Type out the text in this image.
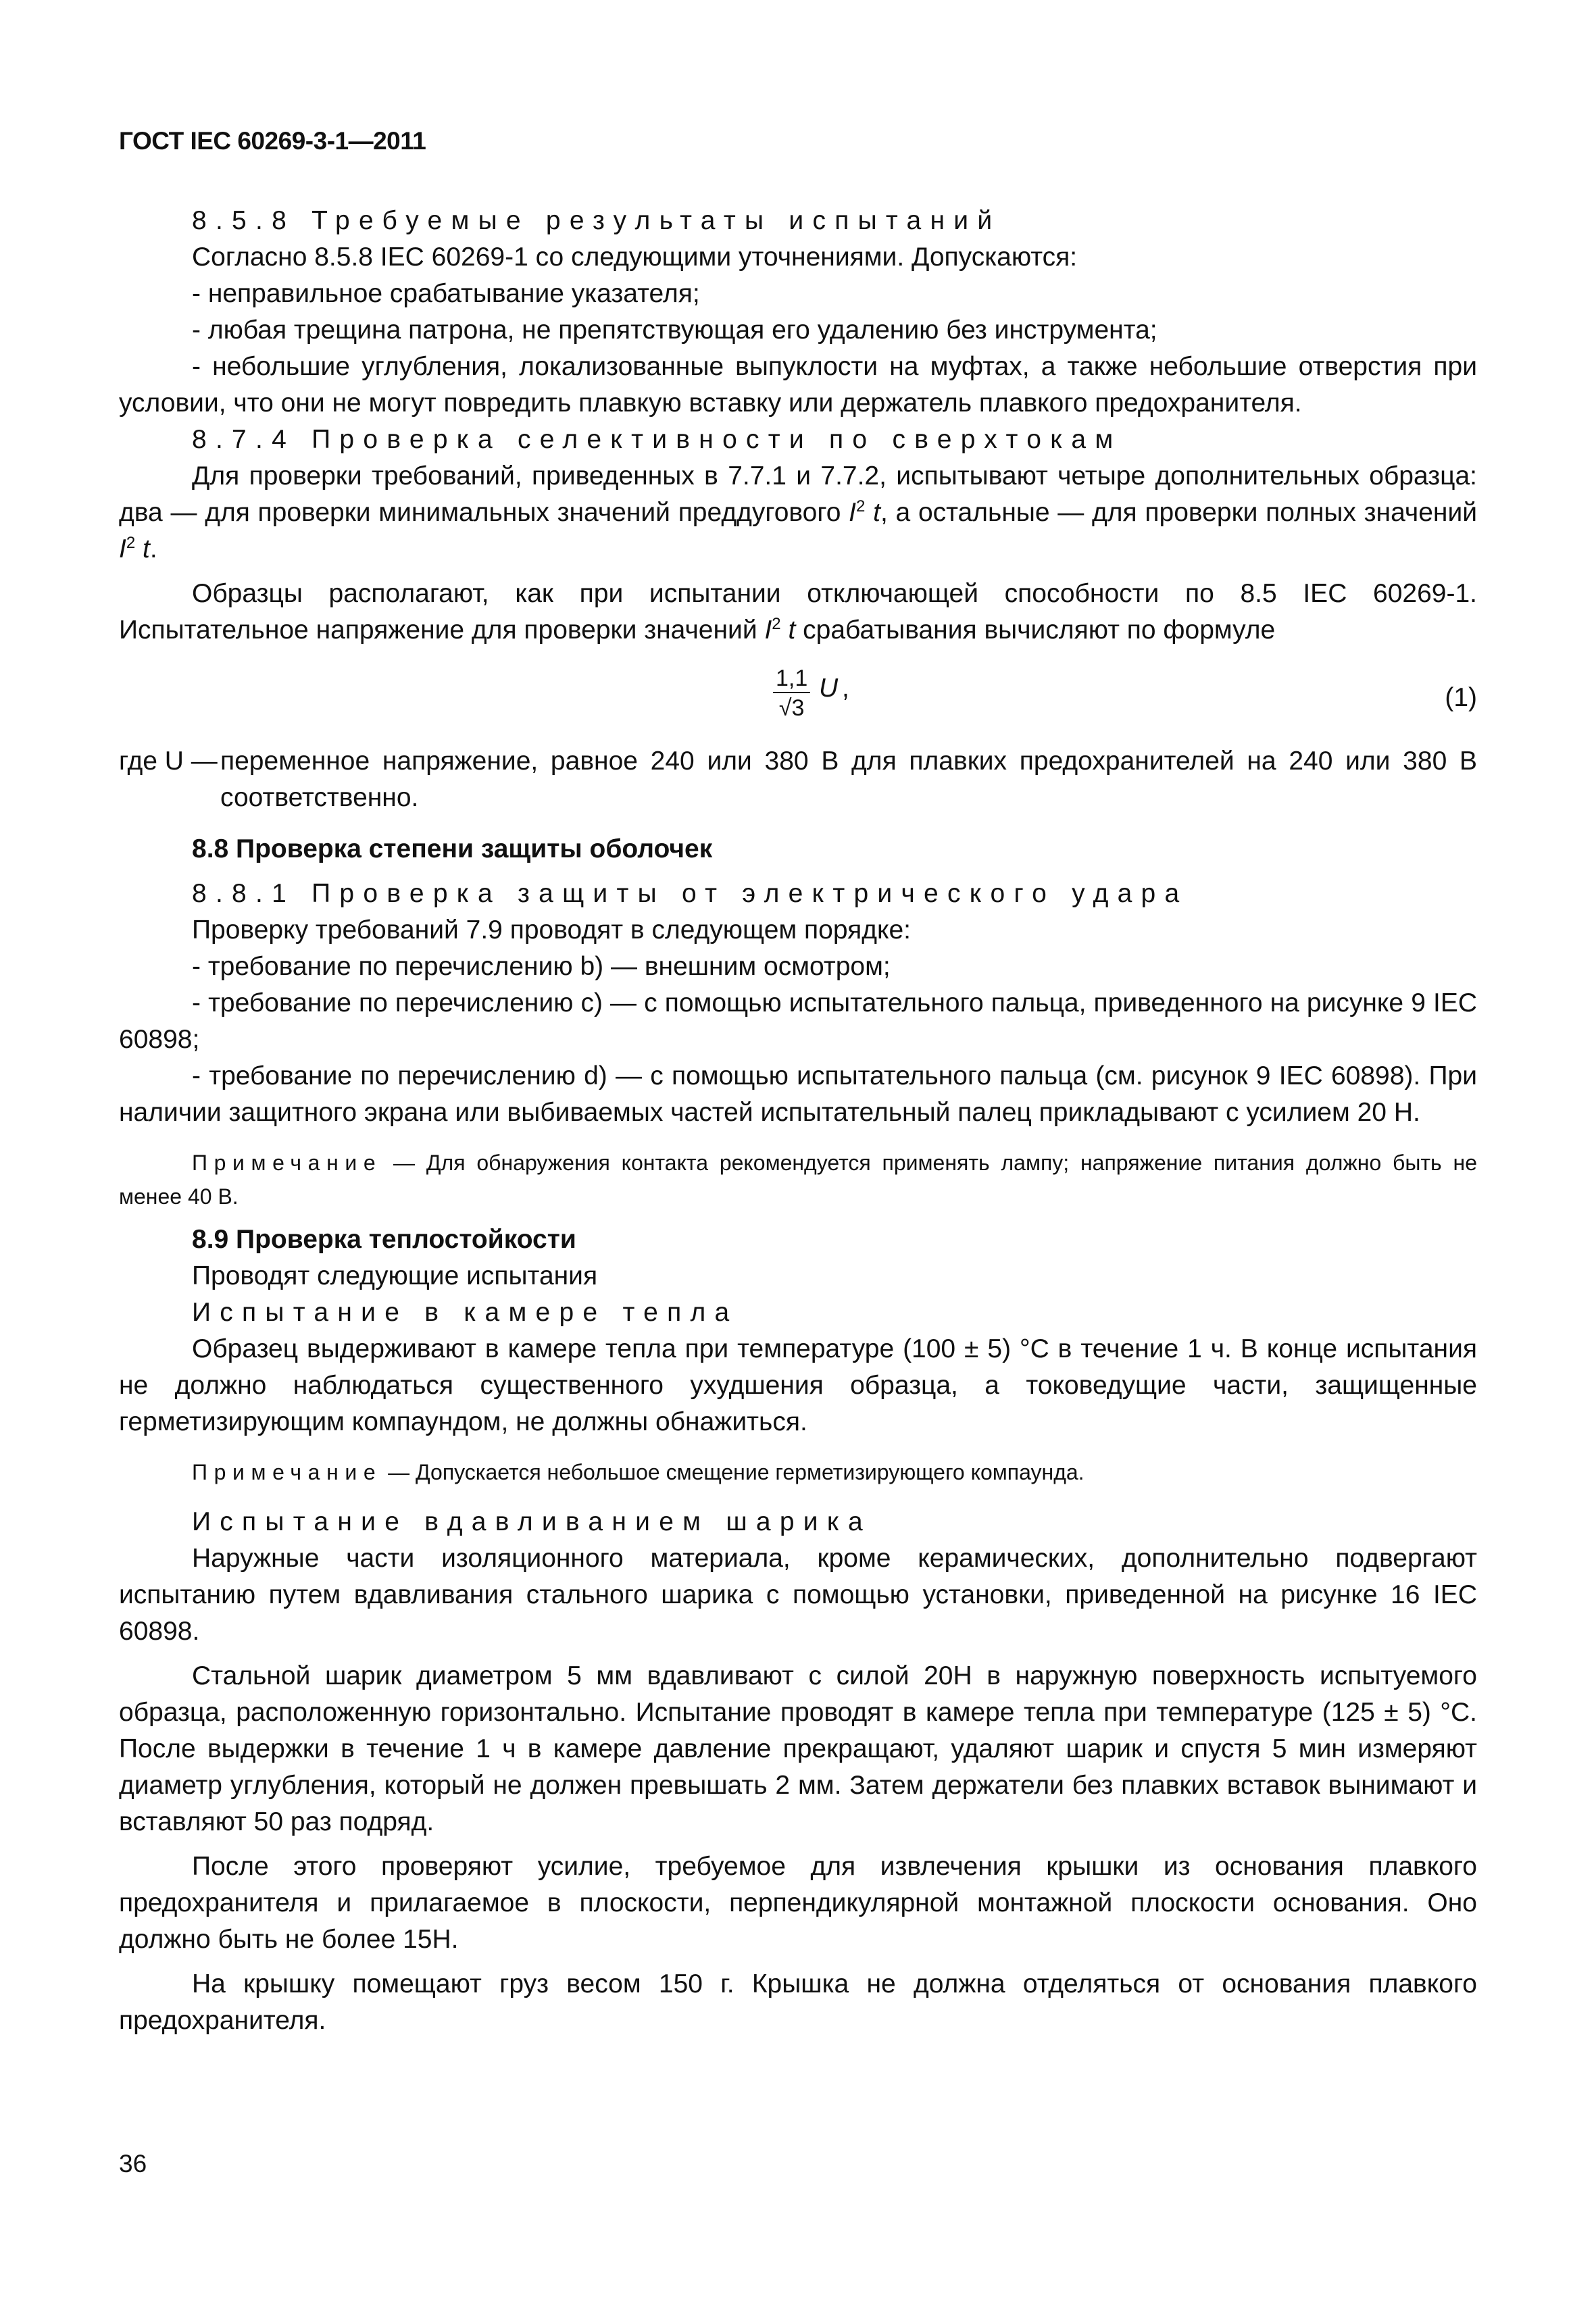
ГОСТ IEC 60269-3-1—2011

8.5.8 Требуемые результаты испытаний

Согласно 8.5.8 IEC 60269-1 со следующими уточнениями. Допускаются:

- неправильное срабатывание указателя;

- любая трещина патрона, не препятствующая его удалению без инструмента;

- небольшие углубления, локализованные выпуклости на муфтах, а также небольшие отверстия при условии, что они не могут повредить плавкую вставку или держатель плавкого предохранителя.

8.7.4 Проверка селективности по сверхтокам

Для проверки требований, приведенных в 7.7.1 и 7.7.2, испытывают четыре дополнительных образца: два — для проверки минимальных значений преддугового $I^2$ t, а остальные — для проверки полных значений $I^2$ t.

Образцы располагают, как при испытании отключающей способности по 8.5 IEC 60269-1. Испытательное напряжение для проверки значений $I^2$ t срабатывания вычисляют по формуле

$\frac{1,1}{√3}$ U ,	(1)
где U — переменное напряжение, равное 240 или 380 В для плавких предохранителей на 240 или 380 В соответственно.

8.8 Проверка степени защиты оболочек

8.8.1 Проверка защиты от электрического удара

Проверку требований 7.9 проводят в следующем порядке:

- требование по перечислению b) — внешним осмотром;

- требование по перечислению c) — с помощью испытательного пальца, приведенного на рисунке 9 IEC 60898;

- требование по перечислению d) — с помощью испытательного пальца (см. рисунок 9 IEC 60898). При наличии защитного экрана или выбиваемых частей испытательный палец прикладывают с усилием 20 Н.

Примечание — Для обнаружения контакта рекомендуется применять лампу; напряжение питания должно быть не менее 40 В.

8.9 Проверка теплостойкости

Проводят следующие испытания

Испытание в камере тепла

Образец выдерживают в камере тепла при температуре (100 ± 5) °С в течение 1 ч. В конце испытания не должно наблюдаться существенного ухудшения образца, а токоведущие части, защищенные герметизирующим компаундом, не должны обнажиться.

Примечание — Допускается небольшое смещение герметизирующего компаунда.

Испытание вдавливанием шарика

Наружные части изоляционного материала, кроме керамических, дополнительно подвергают испытанию путем вдавливания стального шарика с помощью установки, приведенной на рисунке 16 IEC 60898.

Стальной шарик диаметром 5 мм вдавливают с силой 20Н в наружную поверхность испытуемого образца, расположенную горизонтально. Испытание проводят в камере тепла при температуре (125 ± 5) °С. После выдержки в течение 1 ч в камере давление прекращают, удаляют шарик и спустя 5 мин измеряют диаметр углубления, который не должен превышать 2 мм. Затем держатели без плавких вставок вынимают и вставляют 50 раз подряд.

После этого проверяют усилие, требуемое для извлечения крышки из основания плавкого предохранителя и прилагаемое в плоскости, перпендикулярной монтажной плоскости основания. Оно должно быть не более 15Н.

На крышку помещают груз весом 150 г. Крышка не должна отделяться от основания плавкого предохранителя.

36
